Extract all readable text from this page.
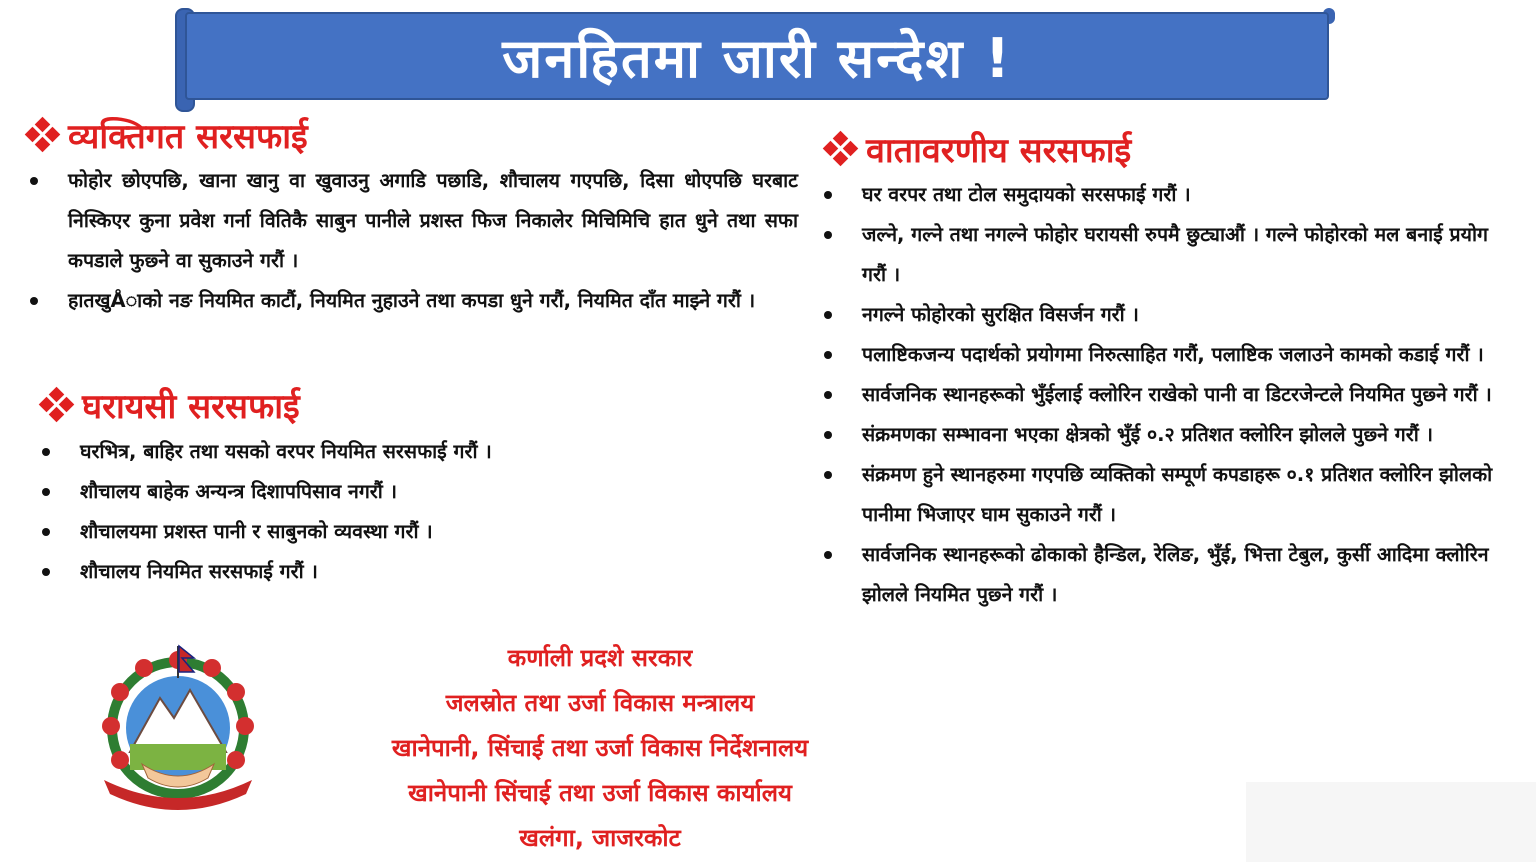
जनहितमा जारी सन्देश !
व्यक्तिगत सरसफाई
फोहोर छोएपछि, खाना खानु वा खुवाउनु अगाडि पछाडि, शौचालय गएपछि, दिसा धोएपछि घरबाट निस्किएर कुना प्रवेश गर्ना वितिकै साबुन पानीले प्रशस्त फिज निकालेर मिचिमिचि हात धुने तथा सफा कपडाले फुछ्ने वा सुकाउने गरौं ।
हातखुÅाको नङ नियमित काटौं, नियमित नुहाउने तथा कपडा धुने गरौं, नियमित दाँत माझ्ने गरौं ।
घरायसी सरसफाई
घरभित्र, बाहिर तथा यसको वरपर नियमित सरसफाई गरौं ।
शौचालय बाहेक अन्यन्त्र दिशापपिसाव नगरौं ।
शौचालयमा प्रशस्त पानी र साबुनको व्यवस्था गरौं ।
शौचालय नियमित सरसफाई गरौं ।
वातावरणीय सरसफाई
घर वरपर तथा टोल समुदायको सरसफाई गरौं ।
जल्ने, गल्ने तथा नगल्ने फोहोर घरायसी रुपमै छुट्याऔं । गल्ने फोहोरको मल बनाई प्रयोग गरौं ।
नगल्ने फोहोरको सुरक्षित विसर्जन गरौं ।
पलाष्टिकजन्य पदार्थको प्रयोगमा निरुत्साहित गरौं, पलाष्टिक जलाउने कामको कडाई गरौं ।
सार्वजनिक स्थानहरूको भुँईलाई क्लोरिन राखेको पानी वा डिटरजेन्टले नियमित पुछ्ने गरौं ।
संक्रमणका सम्भावना भएका क्षेत्रको भुँई ०.२ प्रतिशत क्लोरिन झोलले पुछ्ने गरौं ।
संक्रमण हुने स्थानहरुमा गएपछि व्यक्तिको सम्पूर्ण कपडाहरू ०.१ प्रतिशत क्लोरिन झोलको पानीमा भिजाएर घाम सुकाउने गरौं ।
सार्वजनिक स्थानहरूको ढोकाको हैन्डिल, रेलिङ, भुँई, भित्ता टेबुल, कुर्सी आदिमा क्लोरिन झोलले नियमित पुछ्ने गरौं ।
कर्णाली प्रदशे सरकार
जलस्रोत तथा उर्जा विकास मन्त्रालय
खानेपानी, सिंचाई तथा उर्जा विकास निर्देशनालय
खानेपानी सिंचाई तथा उर्जा विकास कार्यालय
खलंगा, जाजरकोट
